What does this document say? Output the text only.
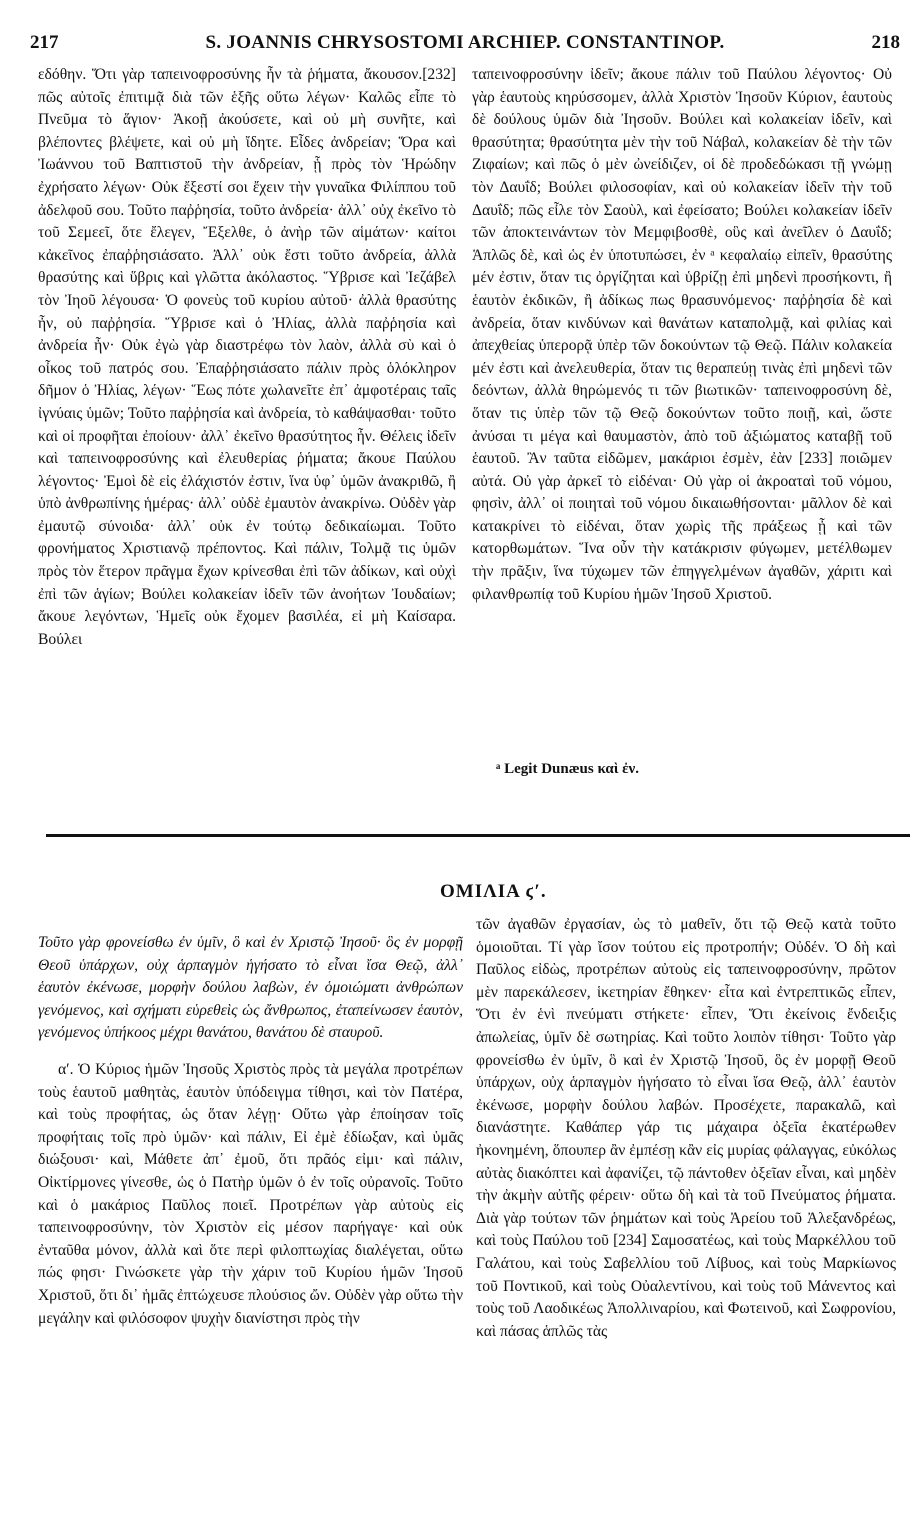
217	S. JOANNIS CHRYSOSTOMI ARCHIEP. CONSTANTINOP.	218

εδόθην. Ὅτι γὰρ ταπεινοφροσύνης ἦν τὰ ῥήματα, ἄκουσον.[232] πῶς αὐτοῖς ἐπιτιμᾷ διὰ τῶν ἑξῆς οὕτω λέγων· Καλῶς εἶπε τὸ Πνεῦμα τὸ ἅγιον· Ἀκοῇ ἀκούσετε, καὶ οὐ μὴ συνῆτε, καὶ βλέποντες βλέψετε, καὶ οὐ μὴ ἴδητε. Εἶδες ἀνδρείαν; Ὅρα καὶ Ἰωάννου τοῦ Βαπτιστοῦ τὴν ἀνδρείαν, ᾗ πρὸς τὸν Ἡρώδην ἐχρήσατο λέγων· Οὐκ ἔξεστί σοι ἔχειν τὴν γυναῖκα Φιλίππου τοῦ ἀδελφοῦ σου. Τοῦτο παῤῥησία, τοῦτο ἀνδρεία· ἀλλ᾽ οὐχ ἐκεῖνο τὸ τοῦ Σεμεεῖ, ὅτε ἔλεγεν, Ἔξελθε, ὁ ἀνὴρ τῶν αἱμάτων· καίτοι κἀκεῖνος ἐπαῤῥησιάσατο. Ἀλλ᾽ οὐκ ἔστι τοῦτο ἀνδρεία, ἀλλὰ θρασύτης καὶ ὕβρις καὶ γλῶττα ἀκόλαστος. Ὕβρισε καὶ Ἰεζάβελ τὸν Ἰηοῦ λέγουσα· Ὁ φονεὺς τοῦ κυρίου αὐτοῦ· ἀλλὰ θρασύτης ἦν, οὐ παῤῥησία. Ὕβρισε καὶ ὁ Ἠλίας, ἀλλὰ παῤῥησία καὶ ἀνδρεία ἦν· Οὐκ ἐγὼ γὰρ διαστρέφω τὸν λαὸν, ἀλλὰ σὺ καὶ ὁ οἶκος τοῦ πατρός σου. Ἐπαῤῥησιάσατο πάλιν πρὸς ὁλόκληρον δῆμον ὁ Ἠλίας, λέγων· Ἕως πότε χωλανεῖτε ἐπ᾽ ἀμφοτέραις ταῖς ἰγνύαις ὑμῶν; Τοῦτο παῤῥησία καὶ ἀνδρεία, τὸ καθάψασθαι· τοῦτο καὶ οἱ προφῆται ἐποίουν· ἀλλ᾽ ἐκεῖνο θρασύτητος ἦν. Θέλεις ἰδεῖν καὶ ταπεινοφροσύνης καὶ ἐλευθερίας ῥήματα; ἄκουε Παύλου λέγοντος· Ἐμοὶ δὲ εἰς ἐλάχιστόν ἐστιν, ἵνα ὑφ᾽ ὑμῶν ἀνακριθῶ, ἢ ὑπὸ ἀνθρωπίνης ἡμέρας· ἀλλ᾽ οὐδὲ ἐμαυτὸν ἀνακρίνω. Οὐδὲν γὰρ ἐμαυτῷ σύνοιδα· ἀλλ᾽ οὐκ ἐν τούτῳ δεδικαίωμαι. Τοῦτο φρονήματος Χριστιανῷ πρέποντος. Καὶ πάλιν, Τολμᾷ τις ὑμῶν πρὸς τὸν ἕτερον πρᾶγμα ἔχων κρίνεσθαι ἐπὶ τῶν ἀδίκων, καὶ οὐχὶ ἐπὶ τῶν ἁγίων; Βούλει κολακείαν ἰδεῖν τῶν ἀνοήτων Ἰουδαίων; ἄκουε λεγόντων, Ἡμεῖς οὐκ ἔχομεν βασιλέα, εἰ μὴ Καίσαρα. Βούλει

ταπεινοφροσύνην ἰδεῖν; ἄκουε πάλιν τοῦ Παύλου λέγοντος· Οὐ γὰρ ἑαυτοὺς κηρύσσομεν, ἀλλὰ Χριστὸν Ἰησοῦν Κύριον, ἑαυτοὺς δὲ δούλους ὑμῶν διὰ Ἰησοῦν. Βούλει καὶ κολακείαν ἰδεῖν, καὶ θρασύτητα; θρασύτητα μὲν τὴν τοῦ Νάβαλ, κολακείαν δὲ τὴν τῶν Ζιφαίων; καὶ πῶς ὁ μὲν ὠνείδιζεν, οἱ δὲ προδεδώκασι τῇ γνώμῃ τὸν Δαυΐδ; Βούλει φιλοσοφίαν, καὶ οὐ κολακείαν ἰδεῖν τὴν τοῦ Δαυΐδ; πῶς εἶλε τὸν Σαοὺλ, καὶ ἐφείσατο; Βούλει κολακείαν ἰδεῖν τῶν ἀποκτεινάντων τὸν Μεμφιβοσθὲ, οὓς καὶ ἀνεῖλεν ὁ Δαυΐδ; Ἁπλῶς δὲ, καὶ ὡς ἐν ὑποτυπώσει, ἐν ᵃ κεφαλαίῳ εἰπεῖν, θρασύτης μέν ἐστιν, ὅταν τις ὀργίζηται καὶ ὑβρίζῃ ἐπὶ μηδενὶ προσήκοντι, ἢ ἑαυτὸν ἐκδικῶν, ἢ ἀδίκως πως θρασυνόμενος· παῤῥησία δὲ καὶ ἀνδρεία, ὅταν κινδύνων καὶ θανάτων καταπολμᾷ, καὶ φιλίας καὶ ἀπεχθείας ὑπερορᾷ ὑπὲρ τῶν δοκούντων τῷ Θεῷ. Πάλιν κολακεία μέν ἐστι καὶ ἀνελευθερία, ὅταν τις θεραπεύῃ τινὰς ἐπὶ μηδενὶ τῶν δεόντων, ἀλλὰ θηρώμενός τι τῶν βιωτικῶν· ταπεινοφροσύνη δὲ, ὅταν τις ὑπὲρ τῶν τῷ Θεῷ δοκούντων τοῦτο ποιῇ, καὶ, ὥστε ἀνύσαι τι μέγα καὶ θαυμαστὸν, ἀπὸ τοῦ ἀξιώματος καταβῇ τοῦ ἑαυτοῦ. Ἂν ταῦτα εἰδῶμεν, μακάριοι ἐσμὲν, ἐὰν [233] ποιῶμεν αὐτά. Οὐ γὰρ ἀρκεῖ τὸ εἰδέναι· Οὐ γὰρ οἱ ἀκροαταὶ τοῦ νόμου, φησὶν, ἀλλ᾽ οἱ ποιηταὶ τοῦ νόμου δικαιωθήσονται· μᾶλλον δὲ καὶ κατακρίνει τὸ εἰδέναι, ὅταν χωρὶς τῆς πράξεως ᾖ καὶ τῶν κατορθωμάτων. Ἵνα οὖν τὴν κατάκρισιν φύγωμεν, μετέλθωμεν τὴν πρᾶξιν, ἵνα τύχωμεν τῶν ἐπηγγελμένων ἀγαθῶν, χάριτι καὶ φιλανθρωπίᾳ τοῦ Κυρίου ἡμῶν Ἰησοῦ Χριστοῦ.

ᵃ Legit Dunæus καὶ ἐν.
ΟΜΙΛΙΑ ϛ′.

Τοῦτο γὰρ φρονείσθω ἐν ὑμῖν, ὃ καὶ ἐν Χριστῷ Ἰησοῦ· ὃς ἐν μορφῇ Θεοῦ ὑπάρχων, οὐχ ἁρπαγμὸν ἡγήσατο τὸ εἶναι ἴσα Θεῷ, ἀλλ᾽ ἑαυτὸν ἐκένωσε, μορφὴν δούλου λαβὼν, ἐν ὁμοιώματι ἀνθρώπων γενόμενος, καὶ σχήματι εὑρεθεὶς ὡς ἄνθρωπος, ἐταπείνωσεν ἑαυτὸν, γενόμενος ὑπήκοος μέχρι θανάτου, θανάτου δὲ σταυροῦ.

α′. Ὁ Κύριος ἡμῶν Ἰησοῦς Χριστὸς πρὸς τὰ μεγάλα προτρέπων τοὺς ἑαυτοῦ μαθητὰς, ἑαυτὸν ὑπόδειγμα τίθησι, καὶ τὸν Πατέρα, καὶ τοὺς προφήτας, ὡς ὅταν λέγῃ· Οὕτω γὰρ ἐποίησαν τοῖς προφήταις τοῖς πρὸ ὑμῶν· καὶ πάλιν, Εἰ ἐμὲ ἐδίωξαν, καὶ ὑμᾶς διώξουσι· καὶ, Μάθετε ἀπ᾽ ἐμοῦ, ὅτι πρᾶός εἰμι· καὶ πάλιν, Οἰκτίρμονες γίνεσθε, ὡς ὁ Πατὴρ ὑμῶν ὁ ἐν τοῖς οὐρανοῖς. Τοῦτο καὶ ὁ μακάριος Παῦλος ποιεῖ. Προτρέπων γὰρ αὐτοὺς εἰς ταπεινοφροσύνην, τὸν Χριστὸν εἰς μέσον παρήγαγε· καὶ οὐκ ἐνταῦθα μόνον, ἀλλὰ καὶ ὅτε περὶ φιλοπτωχίας διαλέγεται, οὕτω πώς φησι· Γινώσκετε γὰρ τὴν χάριν τοῦ Κυρίου ἡμῶν Ἰησοῦ Χριστοῦ, ὅτι δι᾽ ἡμᾶς ἐπτώχευσε πλούσιος ὤν. Οὐδὲν γὰρ οὕτω τὴν μεγάλην καὶ φιλόσοφον ψυχὴν διανίστησι πρὸς τὴν

τῶν ἀγαθῶν ἐργασίαν, ὡς τὸ μαθεῖν, ὅτι τῷ Θεῷ κατὰ τοῦτο ὁμοιοῦται. Τί γὰρ ἴσον τούτου εἰς προτροπήν; Οὐδέν. Ὁ δὴ καὶ Παῦλος εἰδὼς, προτρέπων αὐτοὺς εἰς ταπεινοφροσύνην, πρῶτον μὲν παρεκάλεσεν, ἱκετηρίαν ἔθηκεν· εἶτα καὶ ἐντρεπτικῶς εἶπεν, Ὅτι ἐν ἑνὶ πνεύματι στήκετε· εἶπεν, Ὅτι ἐκείνοις ἔνδειξις ἀπωλείας, ὑμῖν δὲ σωτηρίας. Καὶ τοῦτο λοιπὸν τίθησι· Τοῦτο γὰρ φρονείσθω ἐν ὑμῖν, ὃ καὶ ἐν Χριστῷ Ἰησοῦ, ὃς ἐν μορφῇ Θεοῦ ὑπάρχων, οὐχ ἁρπαγμὸν ἡγήσατο τὸ εἶναι ἴσα Θεῷ, ἀλλ᾽ ἑαυτὸν ἐκένωσε, μορφὴν δούλου λαβών. Προσέχετε, παρακαλῶ, καὶ διανάστητε. Καθάπερ γάρ τις μάχαιρα ὀξεῖα ἑκατέρωθεν ἠκονημένη, ὅπουπερ ἂν ἐμπέσῃ κἂν εἰς μυρίας φάλαγγας, εὐκόλως αὐτὰς διακόπτει καὶ ἀφανίζει, τῷ πάντοθεν ὀξεῖαν εἶναι, καὶ μηδὲν τὴν ἀκμὴν αὐτῆς φέρειν· οὕτω δὴ καὶ τὰ τοῦ Πνεύματος ῥήματα. Διὰ γὰρ τούτων τῶν ῥημάτων καὶ τοὺς Ἀρείου τοῦ Ἀλεξανδρέως, καὶ τοὺς Παύλου τοῦ [234] Σαμοσατέως, καὶ τοὺς Μαρκέλλου τοῦ Γαλάτου, καὶ τοὺς Σαβελλίου τοῦ Λίβυος, καὶ τοὺς Μαρκίωνος τοῦ Ποντικοῦ, καὶ τοὺς Οὐαλεντίνου, καὶ τοὺς τοῦ Μάνεντος καὶ τοὺς τοῦ Λαοδικέως Ἀπολλιναρίου, καὶ Φωτεινοῦ, καὶ Σωφρονίου, καὶ πάσας ἁπλῶς τὰς
